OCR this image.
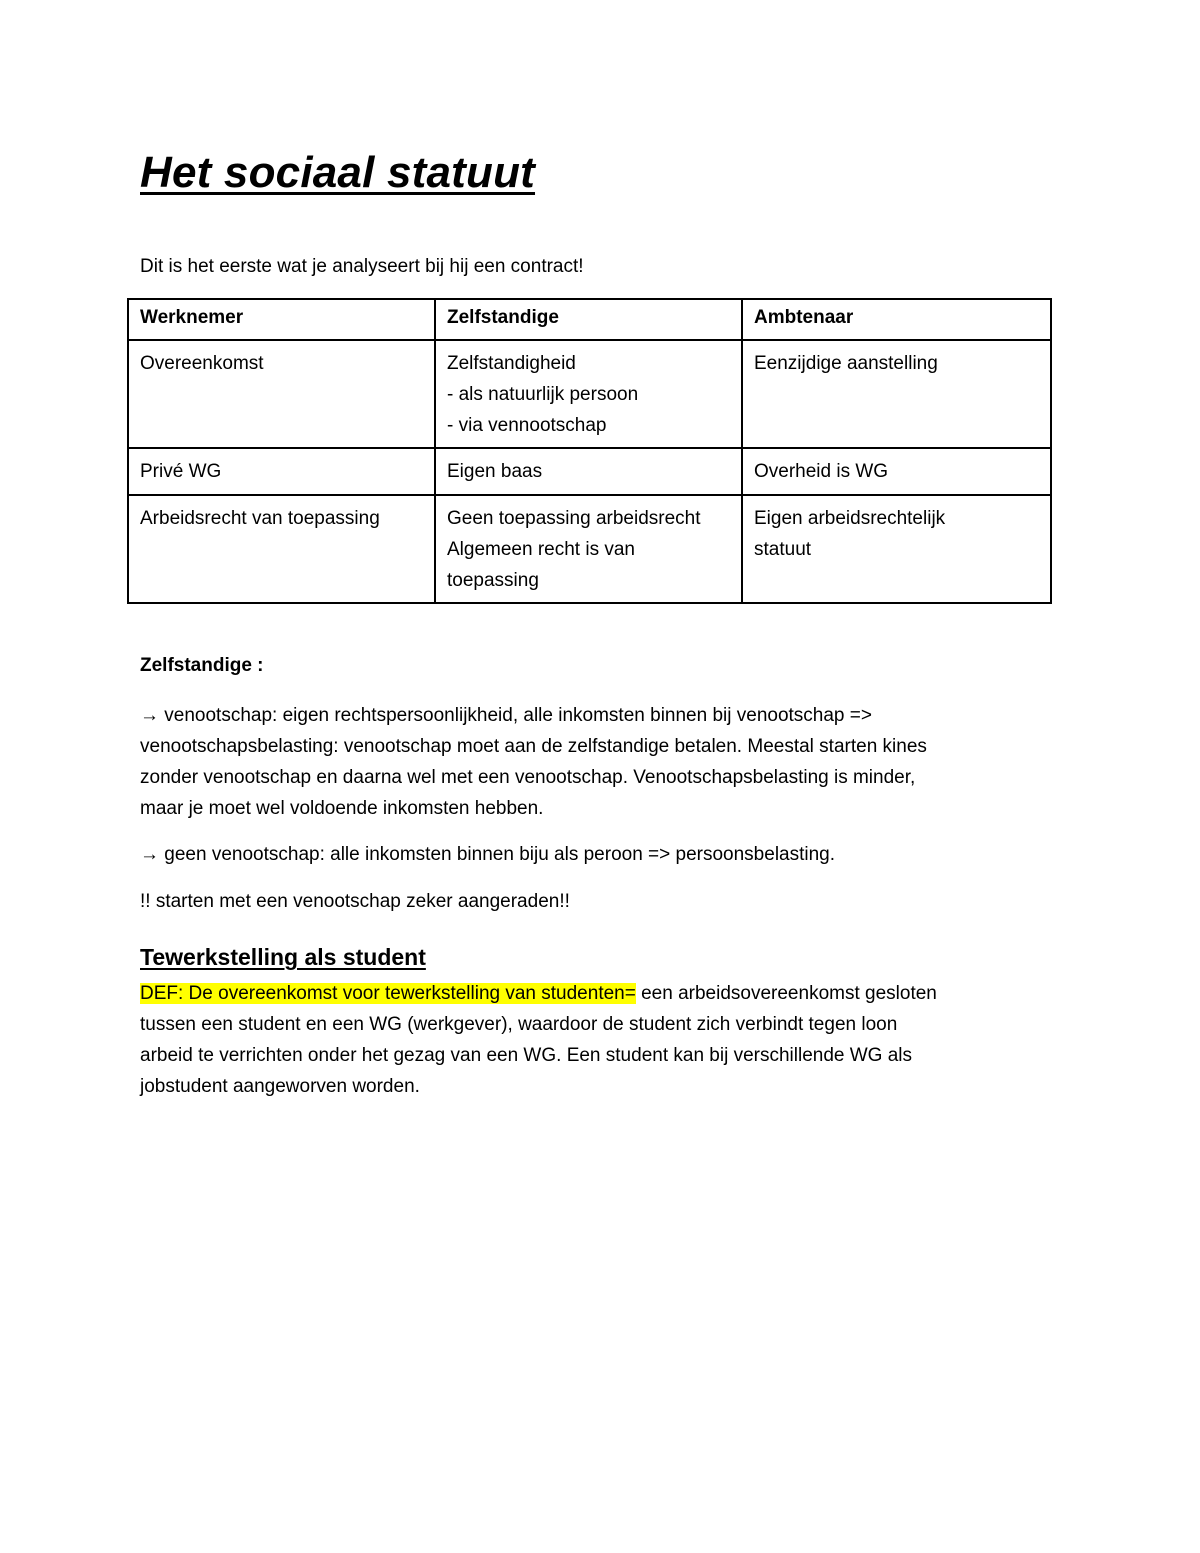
Het sociaal statuut

Dit is het eerste wat je analyseert bij hij een contract!

Werknemer	Zelfstandige	Ambtenaar

Overeenkomst	Zelfstandigheid
- als natuurlijk persoon
- via vennootschap	Eenzijdige aanstelling

Privé WG	Eigen baas	Overheid is WG

Arbeidsrecht van toepassing	Geen toepassing arbeidsrecht
Algemeen recht is van
toepassing	Eigen arbeidsrechtelijk
statuut

Zelfstandige :

→ venootschap: eigen rechtspersoonlijkheid, alle inkomsten binnen bij venootschap =>
venootschapsbelasting: venootschap moet aan de zelfstandige betalen. Meestal starten kines
zonder venootschap en daarna wel met een venootschap. Venootschapsbelasting is minder,
maar je moet wel voldoende inkomsten hebben.

→ geen venootschap: alle inkomsten binnen biju als peroon => persoonsbelasting.

!! starten met een venootschap zeker aangeraden!!

Tewerkstelling als student

DEF: De overeenkomst voor tewerkstelling van studenten= een arbeidsovereenkomst gesloten
tussen een student en een WG (werkgever), waardoor de student zich verbindt tegen loon
arbeid te verrichten onder het gezag van een WG. Een student kan bij verschillende WG als
jobstudent aangeworven worden.
